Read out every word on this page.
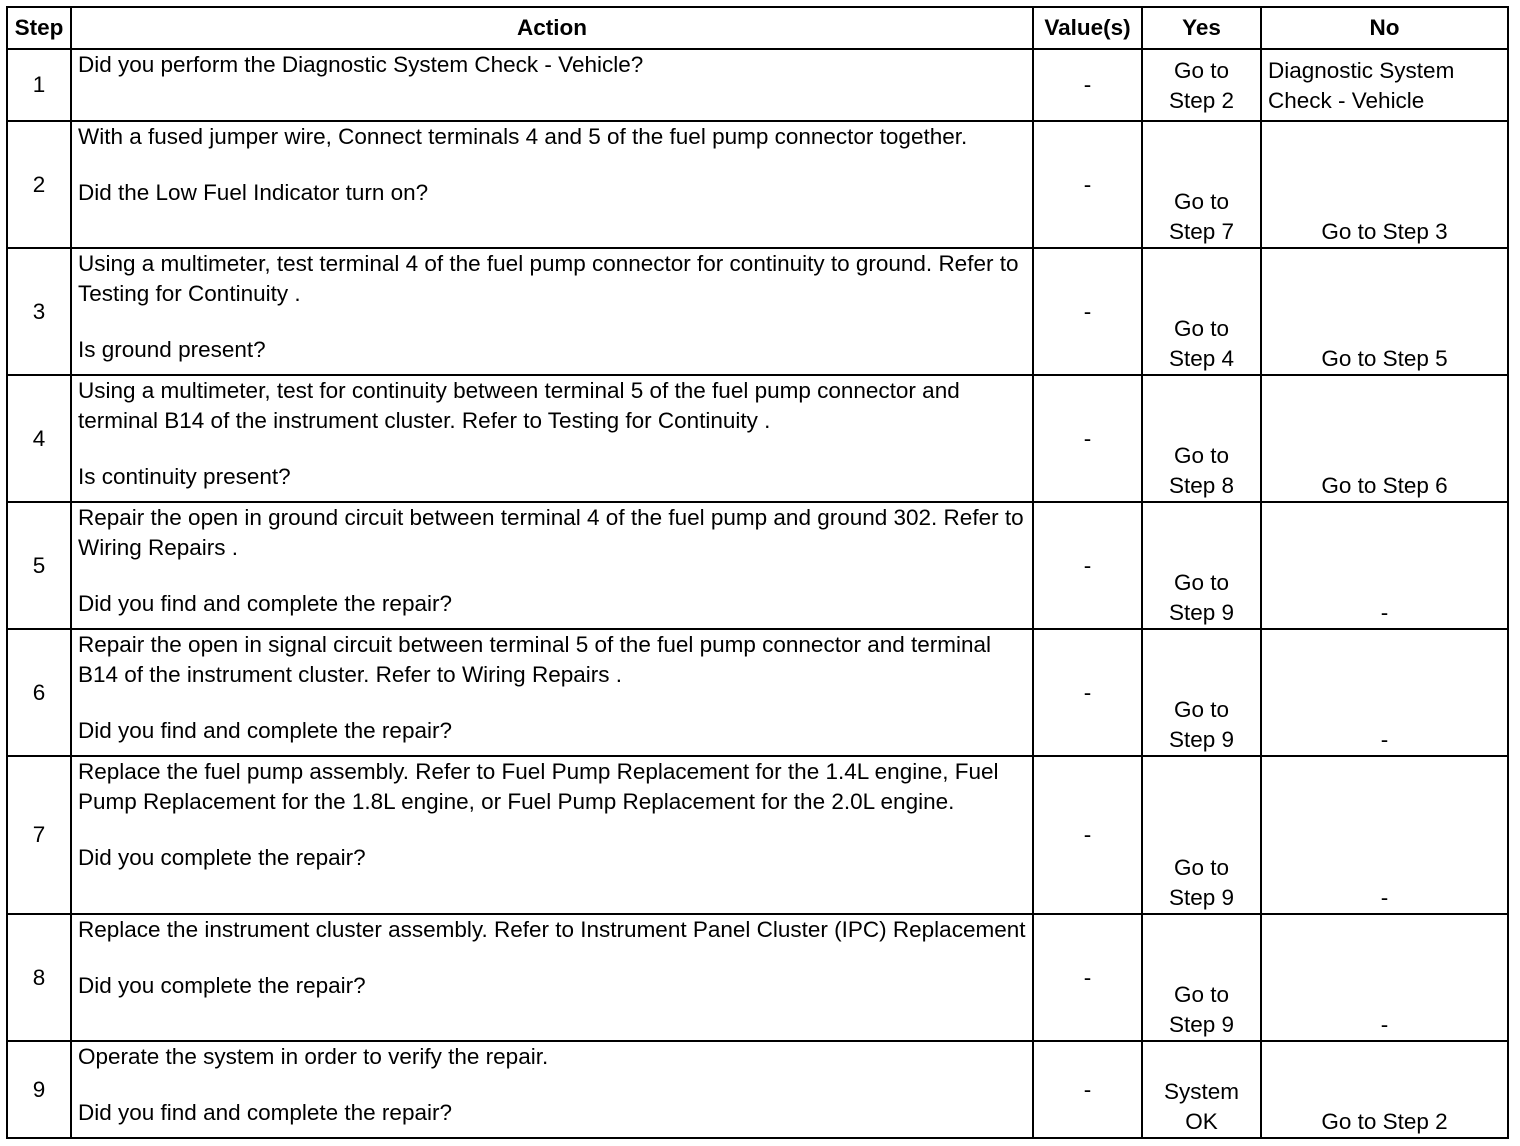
Step	Action	Value(s)	Yes	No
1	Did you perform the Diagnostic System Check - Vehicle?	-	Go to Step 2	Diagnostic System Check - Vehicle
2	With a fused jumper wire, Connect terminals 4 and 5 of the fuel pump connector together.
Did the Low Fuel Indicator turn on?	-	Go to Step 7	Go to Step 3
3	Using a multimeter, test terminal 4 of the fuel pump connector for continuity to ground. Refer to Testing for Continuity .
Is ground present?	-	Go to Step 4	Go to Step 5
4	Using a multimeter, test for continuity between terminal 5 of the fuel pump connector and terminal B14 of the instrument cluster. Refer to Testing for Continuity .
Is continuity present?	-	Go to Step 8	Go to Step 6
5	Repair the open in ground circuit between terminal 4 of the fuel pump and ground 302. Refer to Wiring Repairs .
Did you find and complete the repair?	-	Go to Step 9	-
6	Repair the open in signal circuit between terminal 5 of the fuel pump connector and terminal B14 of the instrument cluster. Refer to Wiring Repairs .
Did you find and complete the repair?	-	Go to Step 9	-
7	Replace the fuel pump assembly. Refer to Fuel Pump Replacement for the 1.4L engine, Fuel Pump Replacement for the 1.8L engine, or Fuel Pump Replacement for the 2.0L engine.
Did you complete the repair?	-	Go to Step 9	-
8	Replace the instrument cluster assembly. Refer to Instrument Panel Cluster (IPC) Replacement
Did you complete the repair?	-	Go to Step 9	-
9	Operate the system in order to verify the repair.
Did you find and complete the repair?	-	System OK	Go to Step 2
